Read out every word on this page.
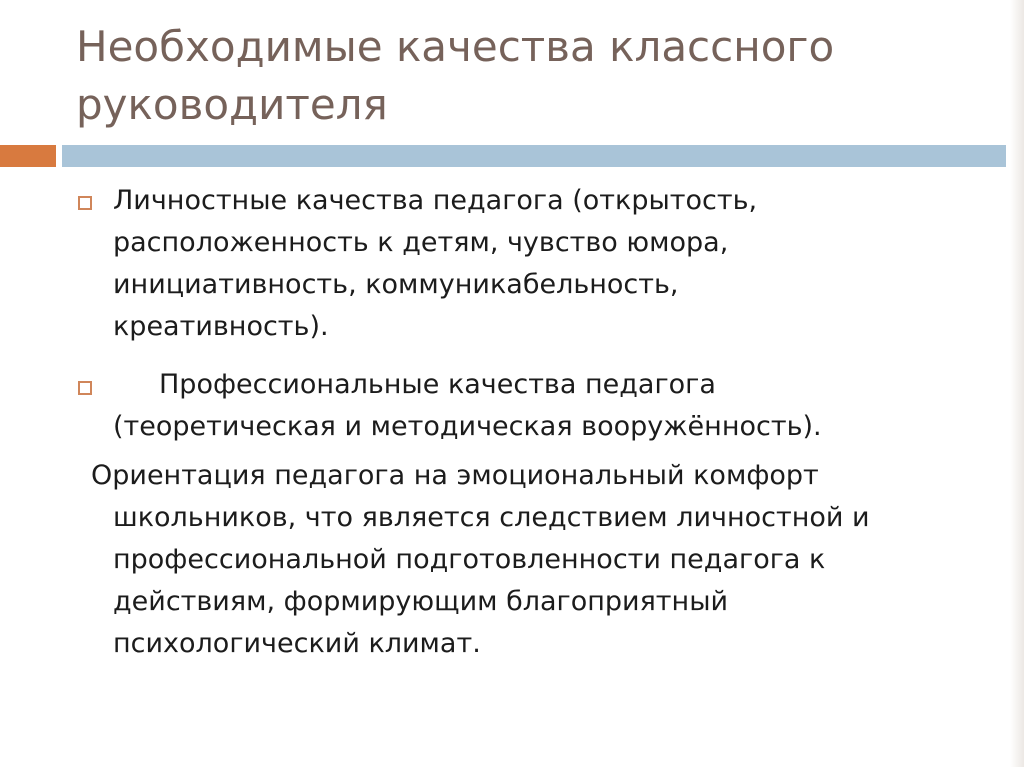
Необходимые качества классного руководителя

Личностные качества педагога (открытость, расположенность к детям, чувство юмора, инициативность, коммуникабельность, креативность).

Профессиональные качества педагога (теоретическая и методическая вооружённость).

Ориентация педагога на эмоциональный комфорт школьников, что является следствием личностной и профессиональной подготовленности педагога к действиям, формирующим благоприятный психологический климат.
